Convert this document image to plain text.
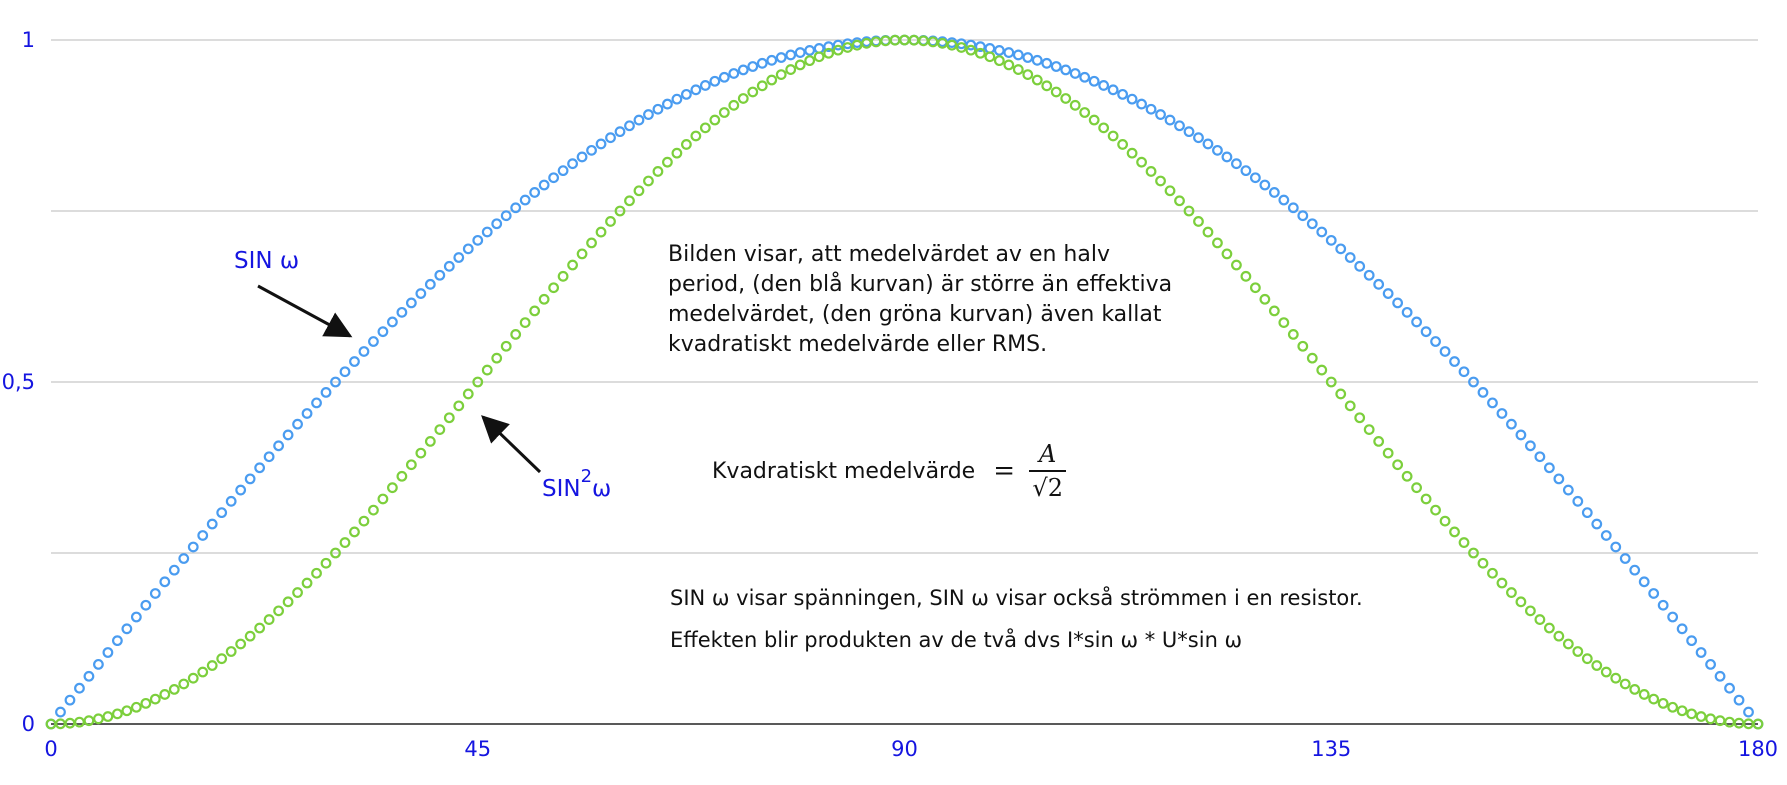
0
0,5
1
0	45	90	135	180
SIN ω
SIN$^2$ω
Bilden visar, att medelvärdet av en halv
period, (den blå kurvan) är större än effektiva
medelvärdet, (den gröna kurvan) även kallat
kvadratiskt medelvärde eller RMS.
Kvadratiskt medelvärde = $\frac{A}{√2}$
SIN ω visar spänningen, SIN ω visar också strömmen i en resistor.
Effekten blir produkten av de två dvs I*sin ω * U*sin ω
